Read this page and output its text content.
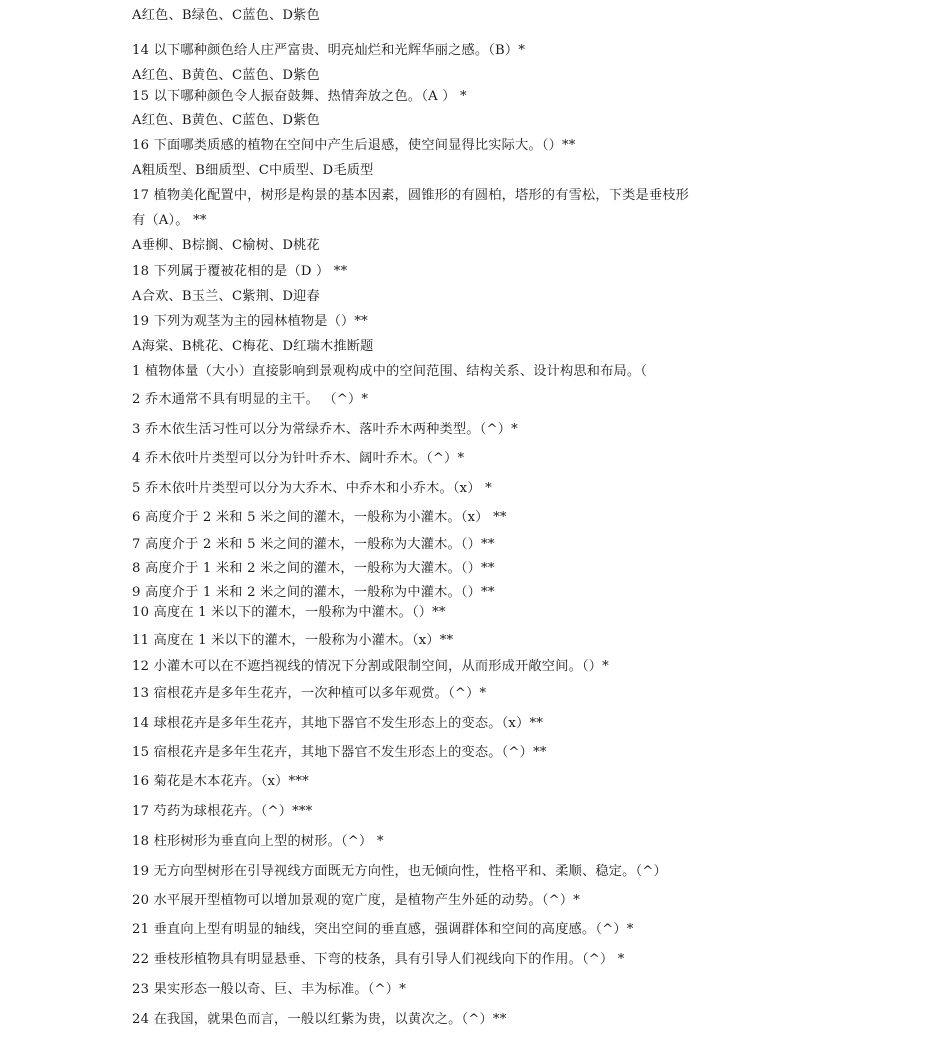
A红色、B绿色、C蓝色、D紫色
14 以下哪种颜色给人庄严富贵、明亮灿烂和光辉华丽之感。（B）*
A红色、B黄色、C蓝色、D紫色
15 以下哪种颜色令人振奋鼓舞、热情奔放之色。（A ） *
A红色、B黄色、C蓝色、D紫色
16 下面哪类质感的植物在空间中产生后退感，使空间显得比实际大。（）**
A粗质型、B细质型、C中质型、D毛质型
17 植物美化配置中，树形是构景的基本因素，圆锥形的有圆柏，塔形的有雪松，下类是垂枝形
有（A）。 **
A垂柳、B棕搁、C榆树、D桃花
18 下列属于覆被花相的是（D ） **
A合欢、B玉兰、C紫荆、D迎春
19 下列为观茎为主的园林植物是（）**
A海棠、B桃花、C梅花、D红瑞木推断题
1 植物体量（大小）直接影响到景观构成中的空间范围、结构关系、设计构思和布局。（
2 乔木通常不具有明显的主干。 （^）*
3 乔木依生活习性可以分为常绿乔木、落叶乔木两种类型。（^）*
4 乔木依叶片类型可以分为针叶乔木、阔叶乔木。（^）*
5 乔木依叶片类型可以分为大乔木、中乔木和小乔木。（x） *
6 高度介于 2 米和 5 米之间的灌木，一般称为小灌木。（x） **
7 高度介于 2 米和 5 米之间的灌木，一般称为大灌木。（）**
8 高度介于 1 米和 2 米之间的灌木，一般称为大灌木。（）**
9 高度介于 1 米和 2 米之间的灌木，一般称为中灌木。（）**
10 高度在 1 米以下的灌木，一般称为中灌木。（）**
11 高度在 1 米以下的灌木，一般称为小灌木。（x）**
12 小灌木可以在不遮挡视线的情况下分割或限制空间，从而形成开敞空间。（）*
13 宿根花卉是多年生花卉，一次种植可以多年观赏。（^）*
14 球根花卉是多年生花卉，其地下器官不发生形态上的变态。（x）**
15 宿根花卉是多年生花卉，其地下器官不发生形态上的变态。（^）**
16 菊花是木本花卉。（x）***
17 芍药为球根花卉。（^）***
18 柱形树形为垂直向上型的树形。（^） *
19 无方向型树形在引导视线方面既无方向性，也无倾向性，性格平和、柔顺、稳定。（^）
20 水平展开型植物可以增加景观的宽广度，是植物产生外延的动势。（^）*
21 垂直向上型有明显的轴线，突出空间的垂直感，强调群体和空间的高度感。（^）*
22 垂枝形植物具有明显悬垂、下弯的枝条，具有引导人们视线向下的作用。（^） *
23 果实形态一般以奇、巨、丰为标准。（^）*
24 在我国，就果色而言，一般以红紫为贵，以黄次之。（^）**
